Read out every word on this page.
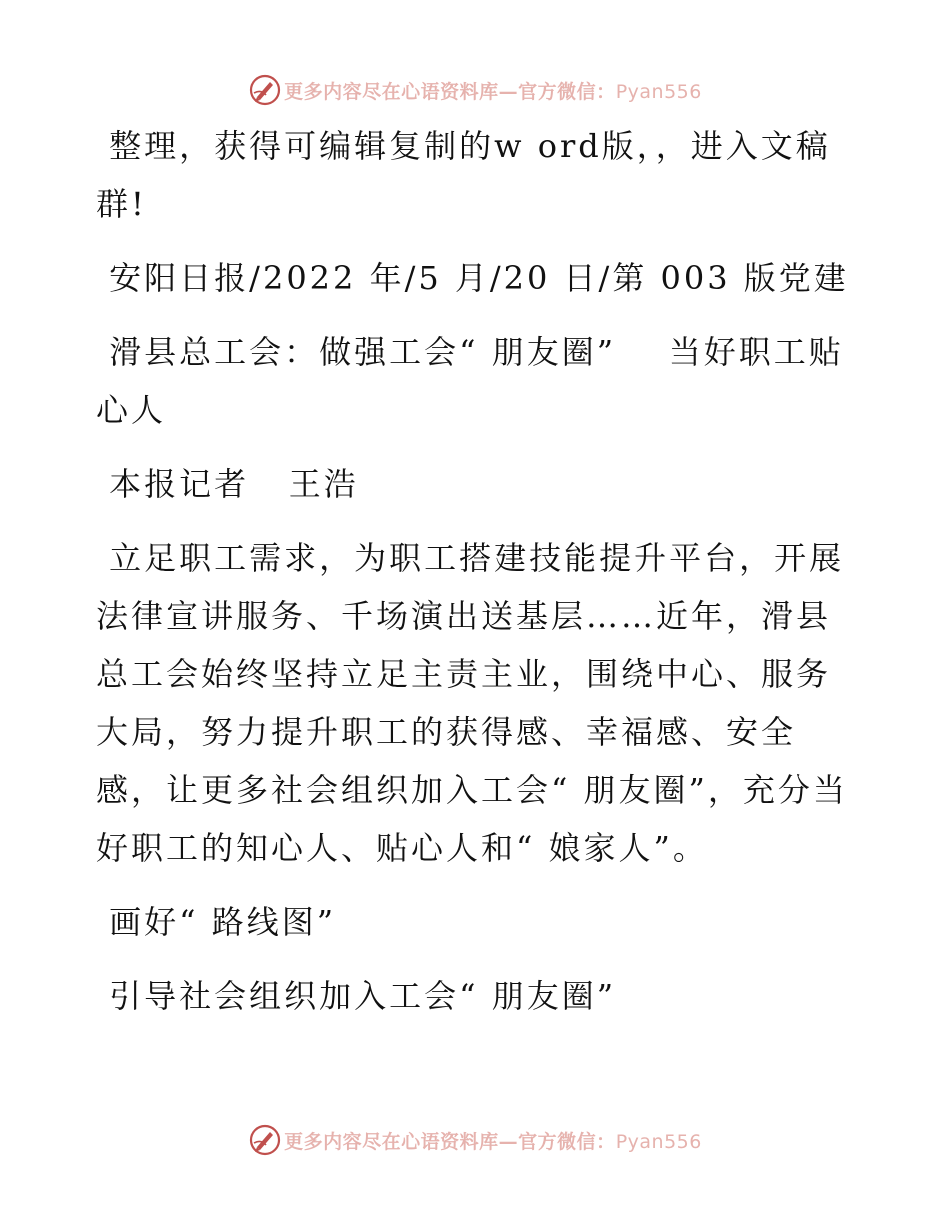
更多内容尽在心语资料库—官方微信：Pyan556

整理，获得可编辑复制的w ord版，，进入文稿群!

安阳日报/2022 年/5 月/20 日/第 003 版党建

滑县总工会：做强工会“ 朋友圈”    当好职工贴心人

本报记者   王浩

立足职工需求，为职工搭建技能提升平台，开展法律宣讲服务、千场演出送基层……近年，滑县总工会始终坚持立足主责主业，围绕中心、服务大局，努力提升职工的获得感、幸福感、安全感，让更多社会组织加入工会“ 朋友圈”，充分当好职工的知心人、贴心人和“ 娘家人”。

画好“ 路线图”

引导社会组织加入工会“ 朋友圈”

更多内容尽在心语资料库—官方微信：Pyan556
